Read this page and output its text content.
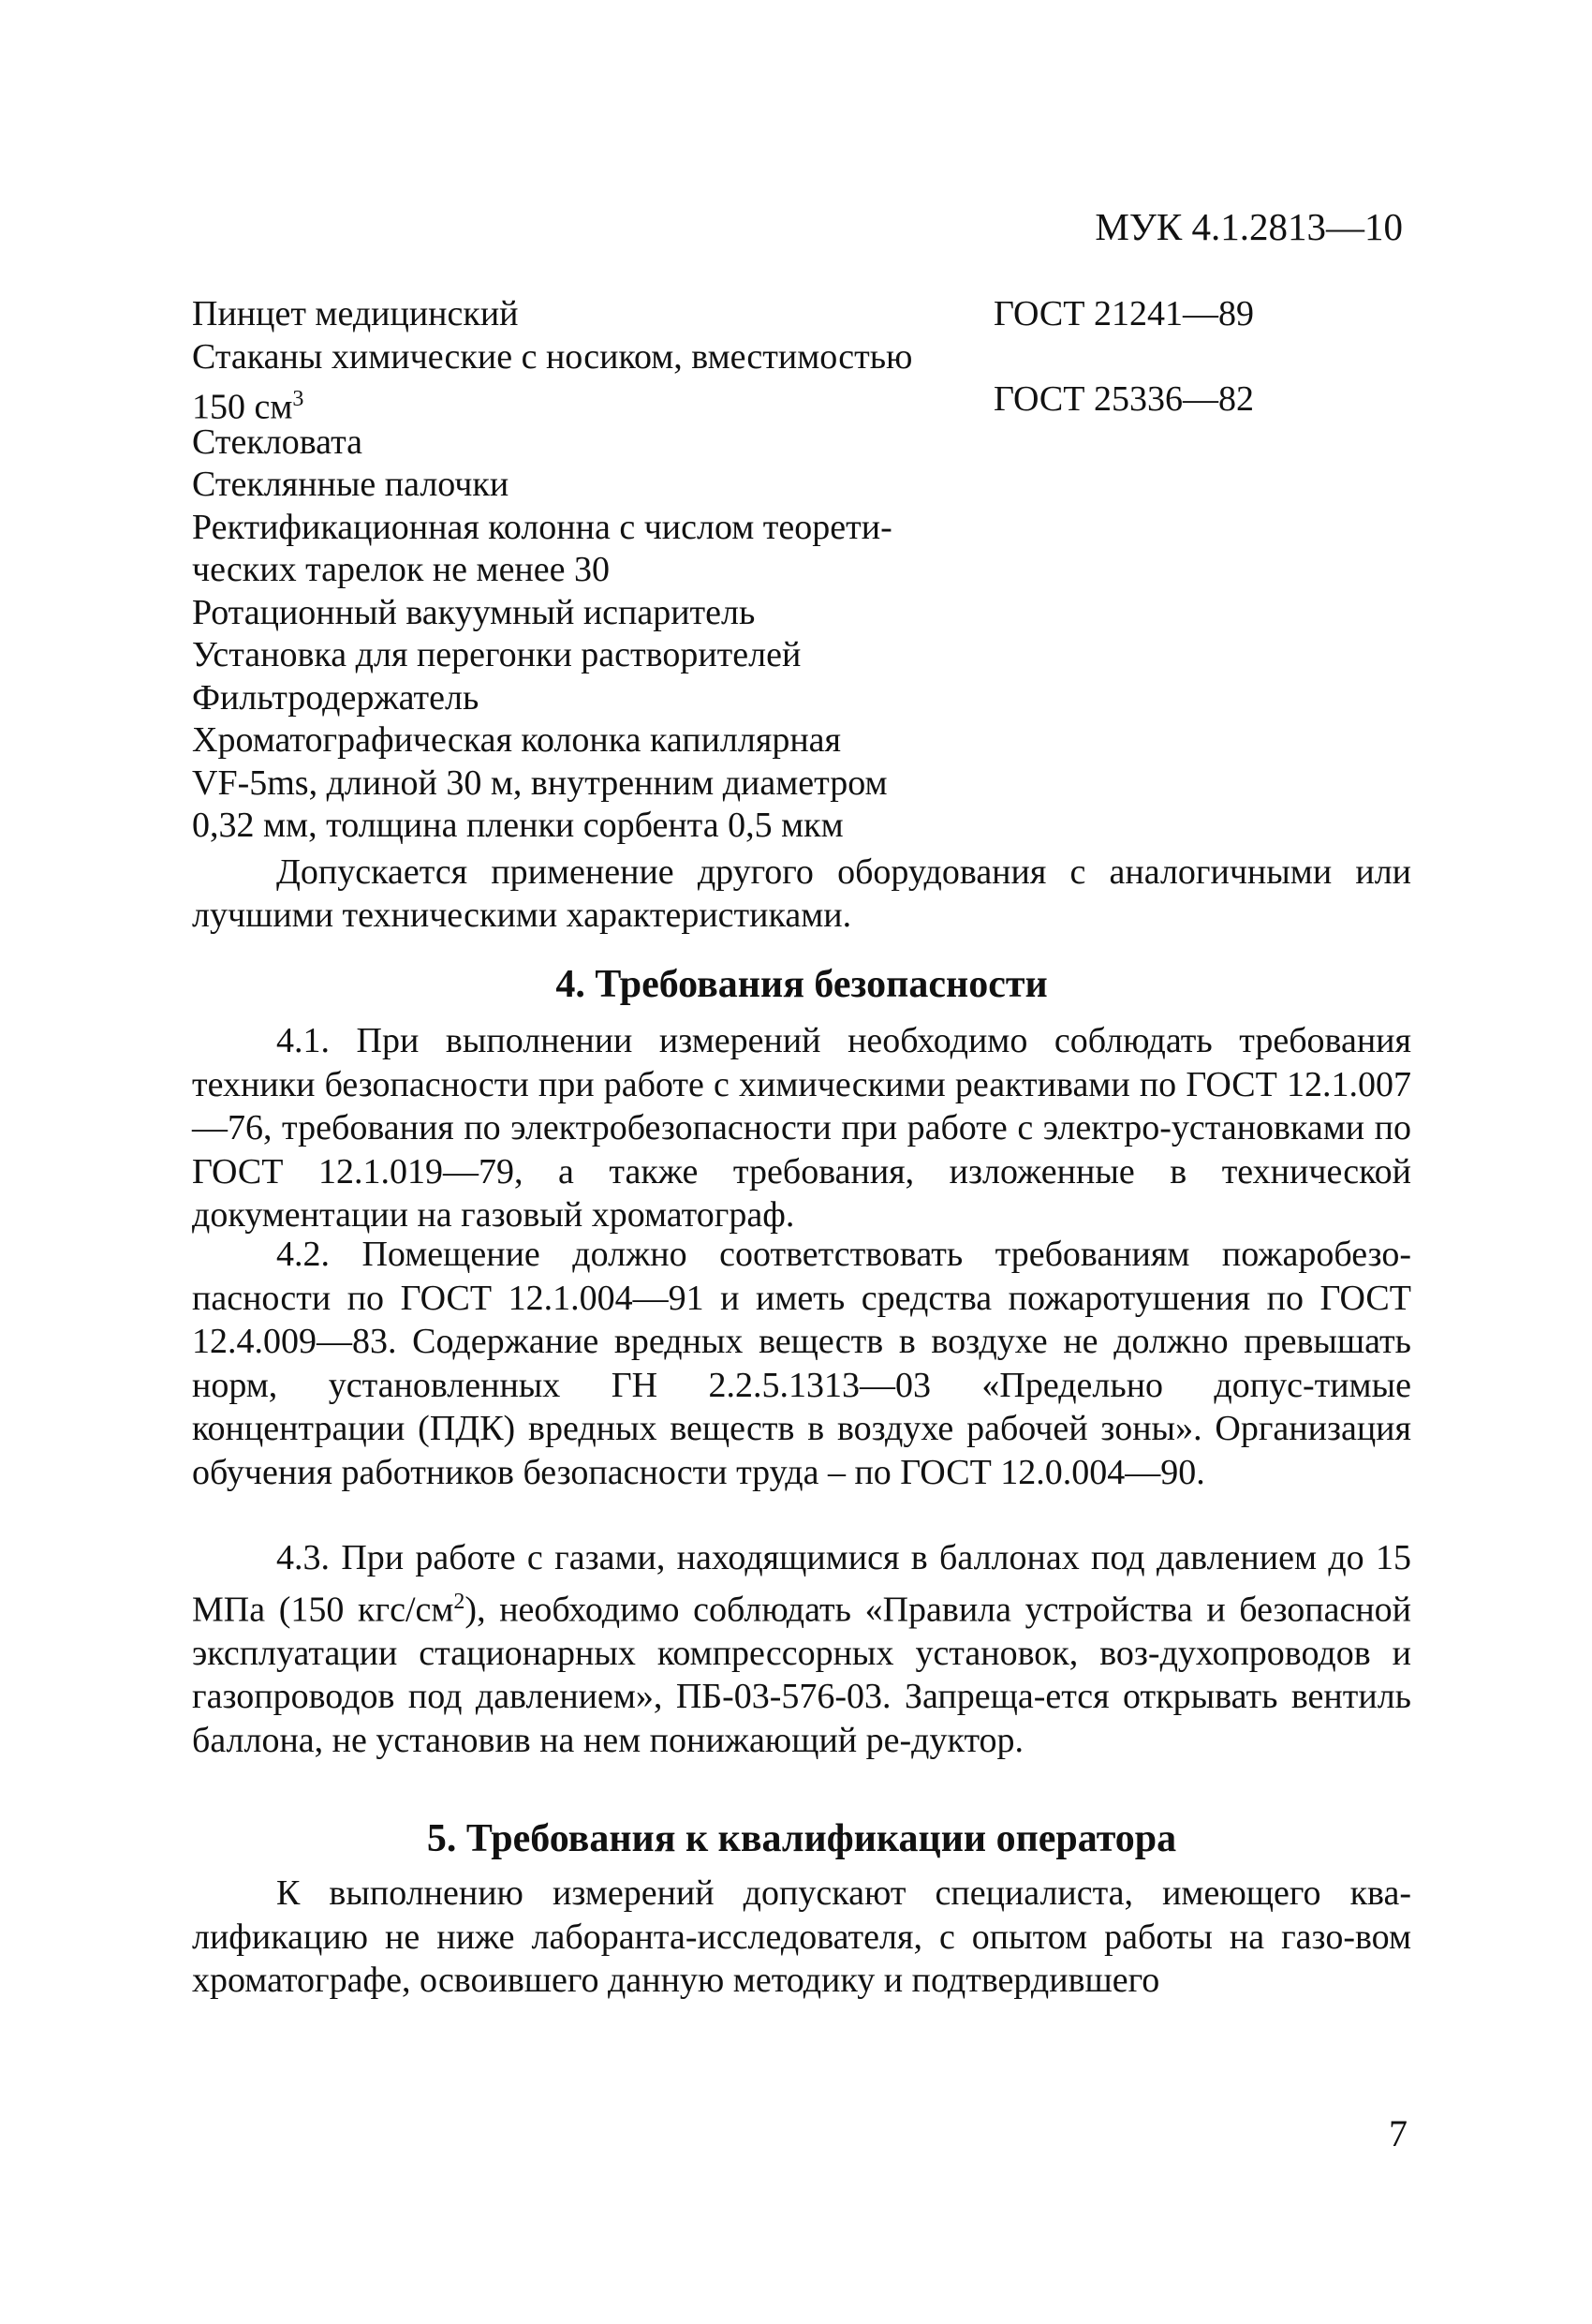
МУК 4.1.2813—10
Пинцет медицинский	ГОСТ 21241—89
Стаканы химические с носиком, вместимостью
150 $см^3$	ГОСТ 25336—82
Стекловата
Стеклянные палочки
Ректификационная колонна с числом теорети-
ческих тарелок не менее 30
Ротационный вакуумный испаритель
Установка для перегонки растворителей
Фильтродержатель
Хроматографическая колонка капиллярная
VF-5ms, длиной 30 м, внутренним диаметром
0,32 мм, толщина пленки сорбента 0,5 мкм

Допускается применение другого оборудования с аналогичными или лучшими техническими характеристиками.

4. Требования безопасности

4.1. При выполнении измерений необходимо соблюдать требования техники безопасности при работе с химическими реактивами по ГОСТ 12.1.007—76, требования по электробезопасности при работе с электро-установками по ГОСТ 12.1.019—79, а также требования, изложенные в технической документации на газовый хроматограф.

4.2. Помещение должно соответствовать требованиям пожаробезо-пасности по ГОСТ 12.1.004—91 и иметь средства пожаротушения по ГОСТ 12.4.009—83. Содержание вредных веществ в воздухе не должно превышать норм, установленных ГН 2.2.5.1313—03 «Предельно допус-тимые концентрации (ПДК) вредных веществ в воздухе рабочей зоны». Организация обучения работников безопасности труда – по ГОСТ 12.0.004—90.

4.3. При работе с газами, находящимися в баллонах под давлением до 15 МПа (150 кгс/$см^2$), необходимо соблюдать «Правила устройства и безопасной эксплуатации стационарных компрессорных установок, воз-духопроводов и газопроводов под давлением», ПБ-03-576-03. Запреща-ется открывать вентиль баллона, не установив на нем понижающий ре-дуктор.

5. Требования к квалификации оператора

К выполнению измерений допускают специалиста, имеющего ква-лификацию не ниже лаборанта-исследователя, с опытом работы на газо-вом хроматографе, освоившего данную методику и подтвердившего

7
